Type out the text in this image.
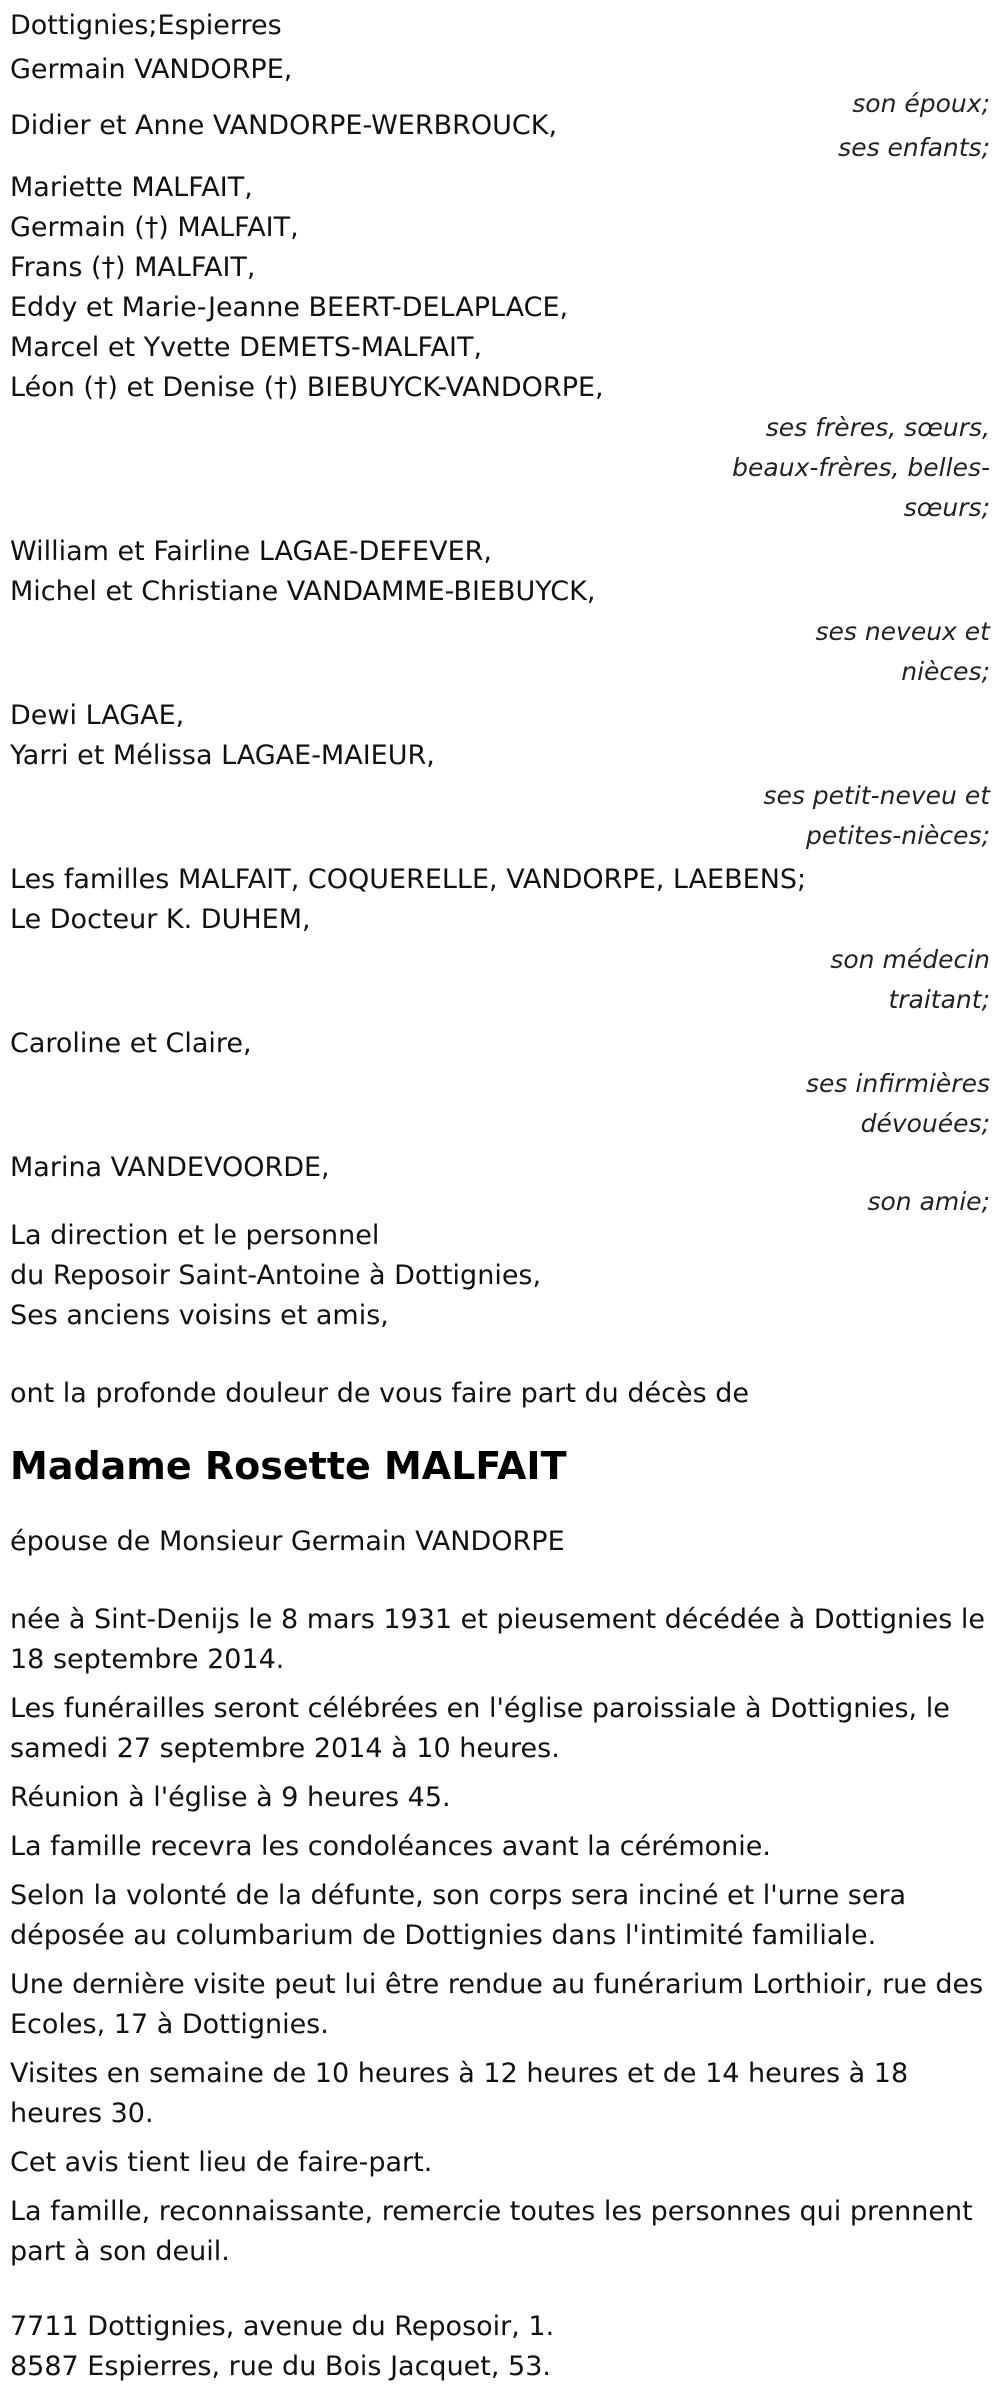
Dottignies;Espierres
Germain VANDORPE,
son époux;
Didier et Anne VANDORPE-WERBROUCK,
ses enfants;
Mariette MALFAIT,
Germain (†) MALFAIT,
Frans (†) MALFAIT,
Eddy et Marie-Jeanne BEERT-DELAPLACE,
Marcel et Yvette DEMETS-MALFAIT,
Léon (†) et Denise (†) BIEBUYCK-VANDORPE,
ses frères, sœurs,
beaux-frères, belles-
sœurs;
William et Fairline LAGAE-DEFEVER,
Michel et Christiane VANDAMME-BIEBUYCK,
ses neveux et
nièces;
Dewi LAGAE,
Yarri et Mélissa LAGAE-MAIEUR,
ses petit-neveu et
petites-nièces;
Les familles MALFAIT, COQUERELLE, VANDORPE, LAEBENS;
Le Docteur K. DUHEM,
son médecin
traitant;
Caroline et Claire,
ses infirmières
dévouées;
Marina VANDEVOORDE,
son amie;
La direction et le personnel
du Reposoir Saint-Antoine à Dottignies,
Ses anciens voisins et amis,
ont la profonde douleur de vous faire part du décès de
Madame Rosette MALFAIT
épouse de Monsieur Germain VANDORPE
née à Sint-Denijs le 8 mars 1931 et pieusement décédée à Dottignies le 18 septembre 2014.
Les funérailles seront célébrées en l'église paroissiale à Dottignies, le samedi 27 septembre 2014 à 10 heures.
Réunion à l'église à 9 heures 45.
La famille recevra les condoléances avant la cérémonie.
Selon la volonté de la défunte, son corps sera inciné et l'urne sera déposée au columbarium de Dottignies dans l'intimité familiale.
Une dernière visite peut lui être rendue au funérarium Lorthioir, rue des Ecoles, 17 à Dottignies.
Visites en semaine de 10 heures à 12 heures et de 14 heures à 18 heures 30.
Cet avis tient lieu de faire-part.
La famille, reconnaissante, remercie toutes les personnes qui prennent part à son deuil.
7711 Dottignies, avenue du Reposoir, 1.
8587 Espierres, rue du Bois Jacquet, 53.
